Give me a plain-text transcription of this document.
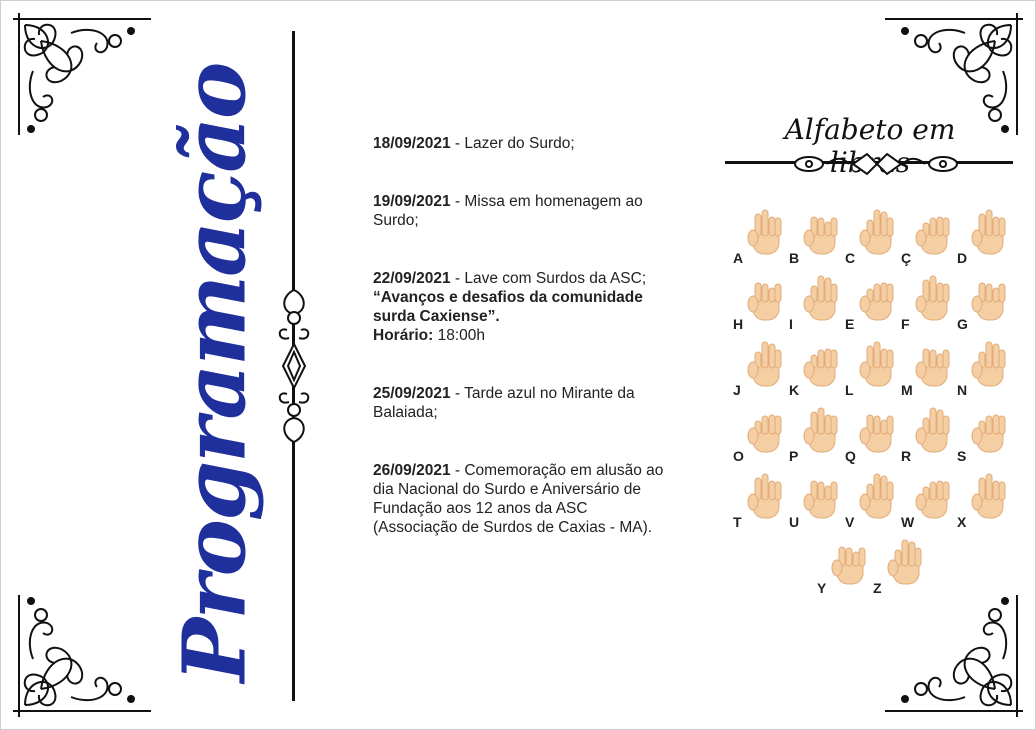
Programação	18/09/2021 - Lazer do Surdo;
19/09/2021 - Missa em homenagem ao Surdo;
22/09/2021 - Lave com Surdos da ASC;
“Avanços e desafios da comunidade surda Caxiense”.
Horário: 18:00h
25/09/2021 - Tarde azul no Mirante da Balaiada;
26/09/2021 - Comemoração em alusão ao dia Nacional do Surdo e Aniversário de Fundação aos 12 anos da ASC (Associação de Surdos de Caxias - MA).
Alfabeto em
A	B	C	Ç	D
H	I	E	F	G
J	K	L	M	N
O	P	Q	R	S
T	U	V	W	X
Y	Z
